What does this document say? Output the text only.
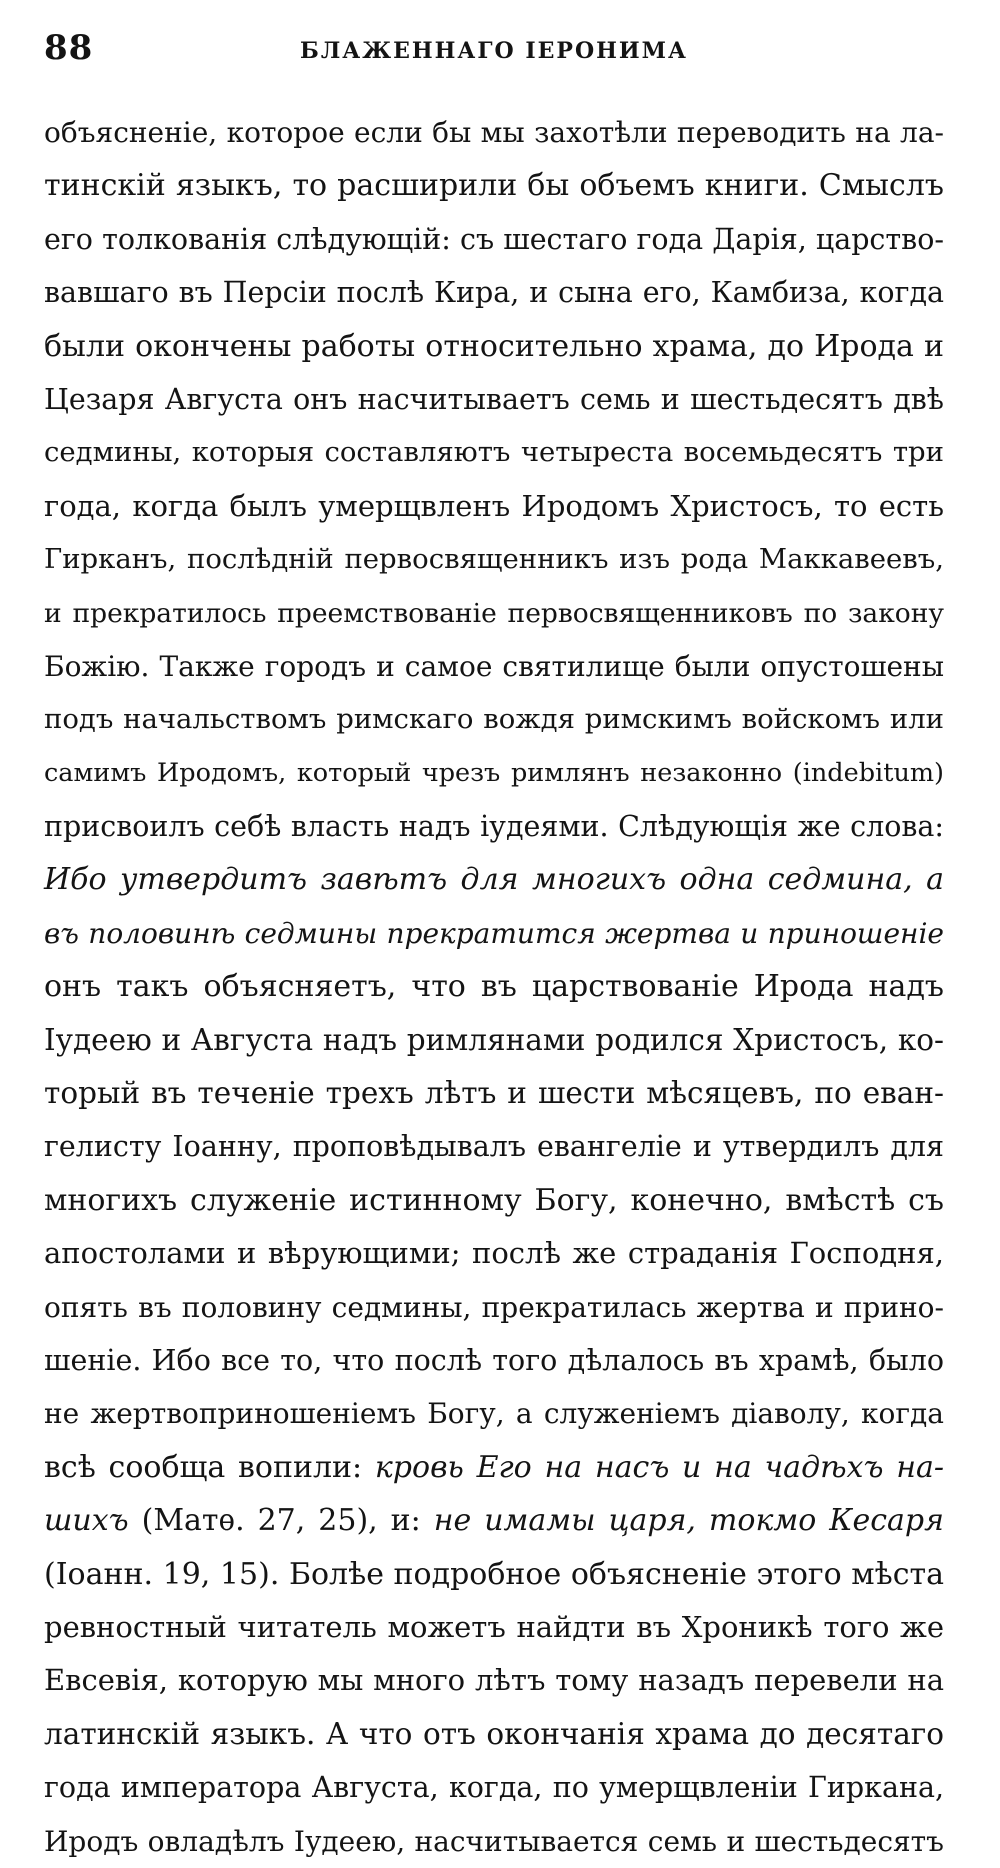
88	БЛАЖЕННАГО ІЕРОНИМА
объясненіе, которое если бы мы захотѣли переводить на ла-
тинскій языкъ, то расширили бы объемъ книги. Смыслъ
его толкованія слѣдующій: съ шестаго года Дарія, царство-
вавшаго въ Персіи послѣ Кира, и сына его, Камбиза, когда
были окончены работы относительно храма, до Ирода и
Цезаря Августа онъ насчитываетъ семь и шестьдесятъ двѣ
седмины, которыя составляютъ четыреста восемьдесятъ три
года, когда былъ умерщвленъ Иродомъ Христосъ, то есть
Гирканъ, послѣдній первосвященникъ изъ рода Маккавеевъ,
и прекратилось преемствованіе первосвященниковъ по закону
Божію. Также городъ и самое святилище были опустошены
подъ начальствомъ римскаго вождя римскимъ войскомъ или
самимъ Иродомъ, который чрезъ римлянъ незаконно (indebitum)
присвоилъ себѣ власть надъ іудеями. Слѣдующія же слова:
Ибо утвердитъ завѣтъ для многихъ одна седмина, а
въ половинѣ седмины прекратится жертва и приношеніе
онъ такъ объясняетъ, что въ царствованіе Ирода надъ
Іудеею и Августа надъ римлянами родился Христосъ, ко-
торый въ теченіе трехъ лѣтъ и шести мѣсяцевъ, по еван-
гелисту Іоанну, проповѣдывалъ евангеліе и утвердилъ для
многихъ служеніе истинному Богу, конечно, вмѣстѣ съ
апостолами и вѣрующими; послѣ же страданія Господня,
опять въ половину седмины, прекратилась жертва и прино-
шеніе. Ибо все то, что послѣ того дѣлалось въ храмѣ, было
не жертвоприношеніемъ Богу, а служеніемъ діаволу, когда
всѣ сообща вопили: кровь Его на насъ и на чадѣхъ на-
шихъ (Матѳ. 27, 25), и: не имамы царя, токмо Кесаря
(Іоанн. 19, 15). Болѣе подробное объясненіе этого мѣста
ревностный читатель можетъ найдти въ Хроникѣ того же
Евсевія, которую мы много лѣтъ тому назадъ перевели на
латинскій языкъ. А что отъ окончанія храма до десятаго
года императора Августа, когда, по умерщвленіи Гиркана,
Иродъ овладѣлъ Іудеею, насчитывается семь и шестьдесятъ
